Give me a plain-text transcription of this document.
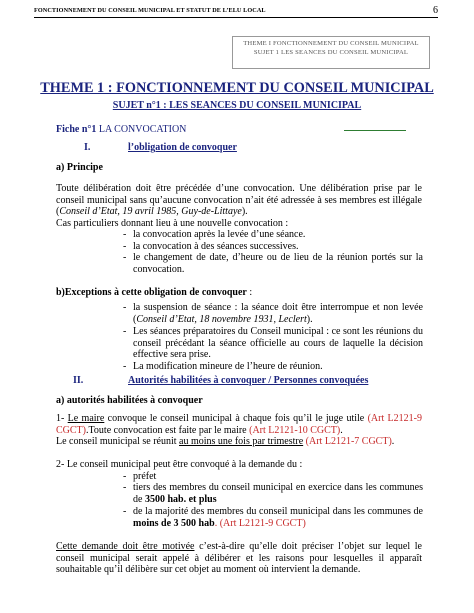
FONCTIONNEMENT DU CONSEIL MUNICIPAL ET STATUT DE L’ELU LOCAL	6
THEME I FONCTIONNEMENT DU CONSEIL MUNICIPAL
SUJET 1 LES SEANCES DU CONSEIL MUNICIPAL
THEME 1 : FONCTIONNEMENT DU CONSEIL MUNICIPAL
SUJET n°1 : LES SEANCES DU CONSEIL MUNICIPAL
Fiche n°1 LA CONVOCATION
I.	l’obligation de convoquer
a) Principe
Toute délibération doit être précédée d’une convocation. Une délibération prise par le conseil municipal sans qu’aucune convocation n’ait été adressée à ses membres est illégale (Conseil d’Etat, 19 avril 1985, Guy-de-Littaye).
Cas particuliers donnant lieu à une nouvelle convocation :
- la convocation après la levée d’une séance.
- la convocation à des séances successives.
- le changement de date, d’heure ou de lieu de la réunion portés sur la convocation.
b)Exceptions à cette obligation de convoquer :
- la suspension de séance : la séance doit être interrompue et non levée (Conseil d’Etat, 18 novembre 1931, Leclert).
- Les séances préparatoires du Conseil municipal : ce sont les réunions du conseil précédant la séance officielle au cours de laquelle la décision effective sera prise.
- La modification mineure de l’heure de réunion.
II.	Autorités habilitées à convoquer / Personnes convoquées
a) autorités habilitées à convoquer
1- Le maire convoque le conseil municipal à chaque fois qu’il le juge utile (Art L2121-9 CGCT).Toute convocation est faite par le maire (Art L2121-10 CGCT).
Le conseil municipal se réunit au moins une fois par trimestre (Art L2121-7 CGCT).
2- Le conseil municipal peut être convoqué à la demande du :
- préfet
- tiers des membres du conseil municipal en exercice dans les communes de 3500 hab. et plus
- de la majorité des membres du conseil municipal dans les communes de moins de 3 500 hab. (Art L2121-9 CGCT)
Cette demande doit être motivée c’est-à-dire qu’elle doit préciser l’objet sur lequel le conseil municipal serait appelé à délibérer et les raisons pour lesquelles il apparaît souhaitable qu’il délibère sur cet objet au moment où intervient la demande.
